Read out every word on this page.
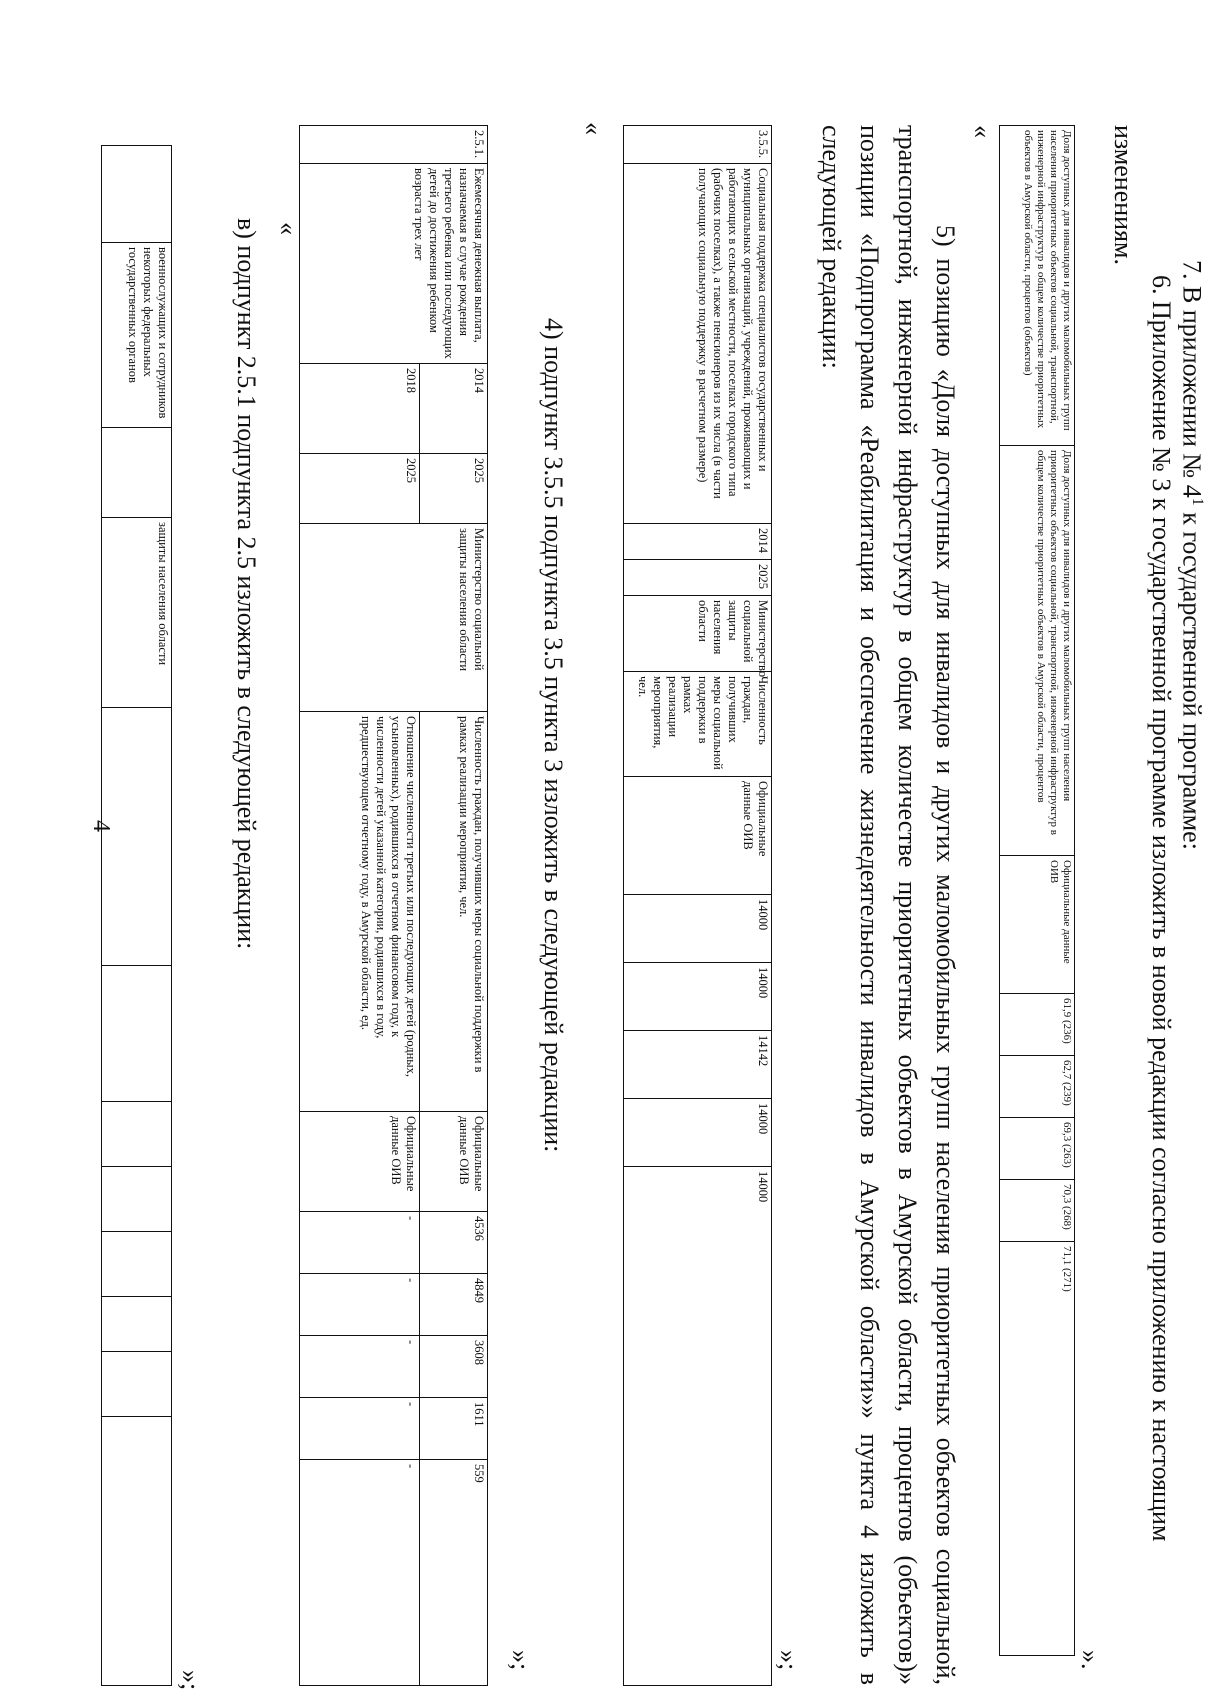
4
	военнослужащих и сотрудников некоторых федеральных государственных органов		защиты населения области								
»;
в) подпункт 2.5.1 подпункта 2.5 изложить в следующей редакции: «
2.5.1.	Ежемесячная денежная выплата, назначаемая в случае рождения третьего ребенка или последующих детей до достижения ребенком возраста трех лет	2014	2025	Министерство социальной защиты населения области	Численность граждан, получивших меры социальной поддержки в рамках реализации мероприятия, чел.	Официальные данные ОИВ	4536	4849	3608	1611	559
		2018	2025		Отношение численности третьих или последующих детей (родных, усыновленных), родившихся в отчетном финансовом году, к численности детей указанной категории, родившихся в году, предшествующем отчетному году, в Амурской области, ед.	Официальные данные ОИВ	-	-	-	-	-
»;
4) подпункт 3.5.5 подпункта 3.5 пункта 3 изложить в следующей редакции:
«
3.5.5.	Социальная поддержка специалистов государственных и муниципальных организаций, учреждений, проживающих и работающих в сельской местности, поселках городского типа (рабочих поселках), а также пенсионеров из их числа (в части получающих социальную поддержку в расчетном размере)	2014	2025	Министерство социальной защиты населения области	Численность граждан, получивших меры социальной поддержки в рамках реализации мероприятия, чел.	Официальные данные ОИВ	14000	14000	14142	14000	14000
»;	5) позицию «Доля доступных для инвалидов и других маломобильных групп населения приоритетных объектов социальной, транспортной, инженерной инфраструктур в общем количестве приоритетных объектов в Амурской области, процентов (объектов)» позиции «Подпрограмма «Реабилитация и обеспечение жизнедеятельности инвалидов в Амурской области»» пункта 4 изложить в следующей редакции:	«	Доля доступных для инвалидов и других маломобильных групп населения приоритетных объектов социальной, транспортной, инженерной инфраструктур в общем количестве приоритетных объектов в Амурской области, процентов (объектов)	Доля доступных для инвалидов и других маломобильных групп населения приоритетных объектов социальной, транспортной, инженерной инфраструктур в общем количестве приоритетных объектов в Амурской области, процентов	Официальные данные ОИВ	61,9 (236)	62,7 (239)	69,3 (263)	70,3 (268)	71,1 (271)
».
6. Приложение № 3 к государственной программе изложить в новой редакции согласно приложению к настоящим изменениям.
7. В приложении № $4^1$ к государственной программе:
